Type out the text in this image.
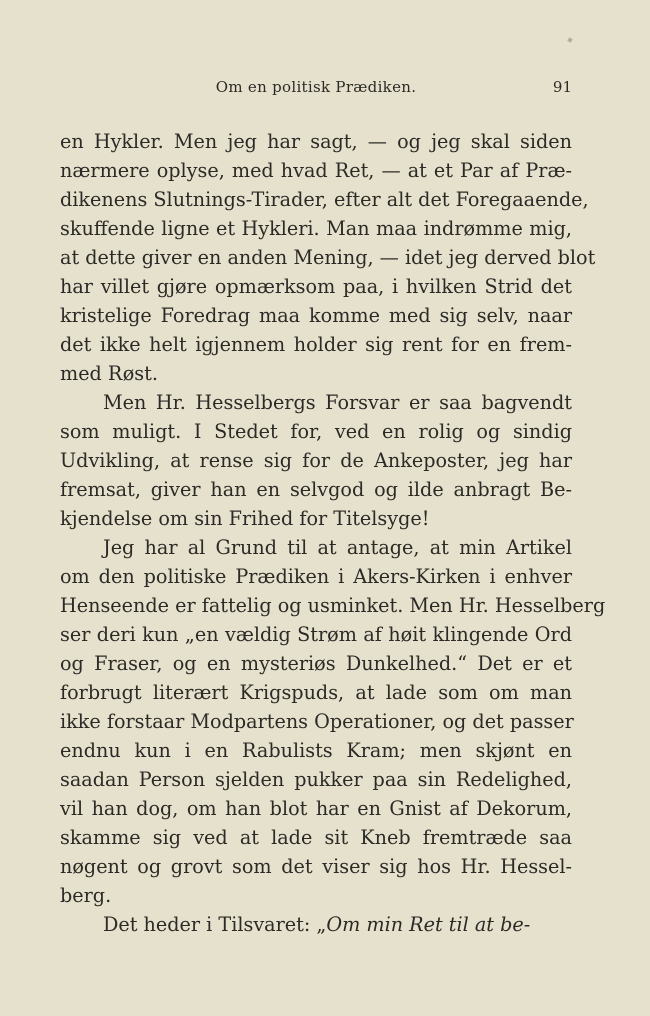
Om en politisk Prædiken.	91
en Hykler. Men jeg har sagt, — og jeg skal siden
nærmere oplyse, med hvad Ret, — at et Par af Præ-
dikenens Slutnings-Tirader, efter alt det Foregaaende,
skuffende ligne et Hykleri. Man maa indrømme mig,
at dette giver en anden Mening, — idet jeg derved blot
har villet gjøre opmærksom paa, i hvilken Strid det
kristelige Foredrag maa komme med sig selv, naar
det ikke helt igjennem holder sig rent for en frem-
med Røst.
Men Hr. Hesselbergs Forsvar er saa bagvendt
som muligt. I Stedet for, ved en rolig og sindig
Udvikling, at rense sig for de Ankeposter, jeg har
fremsat, giver han en selvgod og ilde anbragt Be-
kjendelse om sin Frihed for Titelsyge!
Jeg har al Grund til at antage, at min Artikel
om den politiske Prædiken i Akers-Kirken i enhver
Henseende er fattelig og usminket. Men Hr. Hesselberg
ser deri kun „en vældig Strøm af høit klingende Ord
og Fraser, og en mysteriøs Dunkelhed.“ Det er et
forbrugt literært Krigspuds, at lade som om man
ikke forstaar Modpartens Operationer, og det passer
endnu kun i en Rabulists Kram; men skjønt en
saadan Person sjelden pukker paa sin Redelighed,
vil han dog, om han blot har en Gnist af Dekorum,
skamme sig ved at lade sit Kneb fremtræde saa
nøgent og grovt som det viser sig hos Hr. Hessel-
berg.
Det heder i Tilsvaret: „Om min Ret til at be-
